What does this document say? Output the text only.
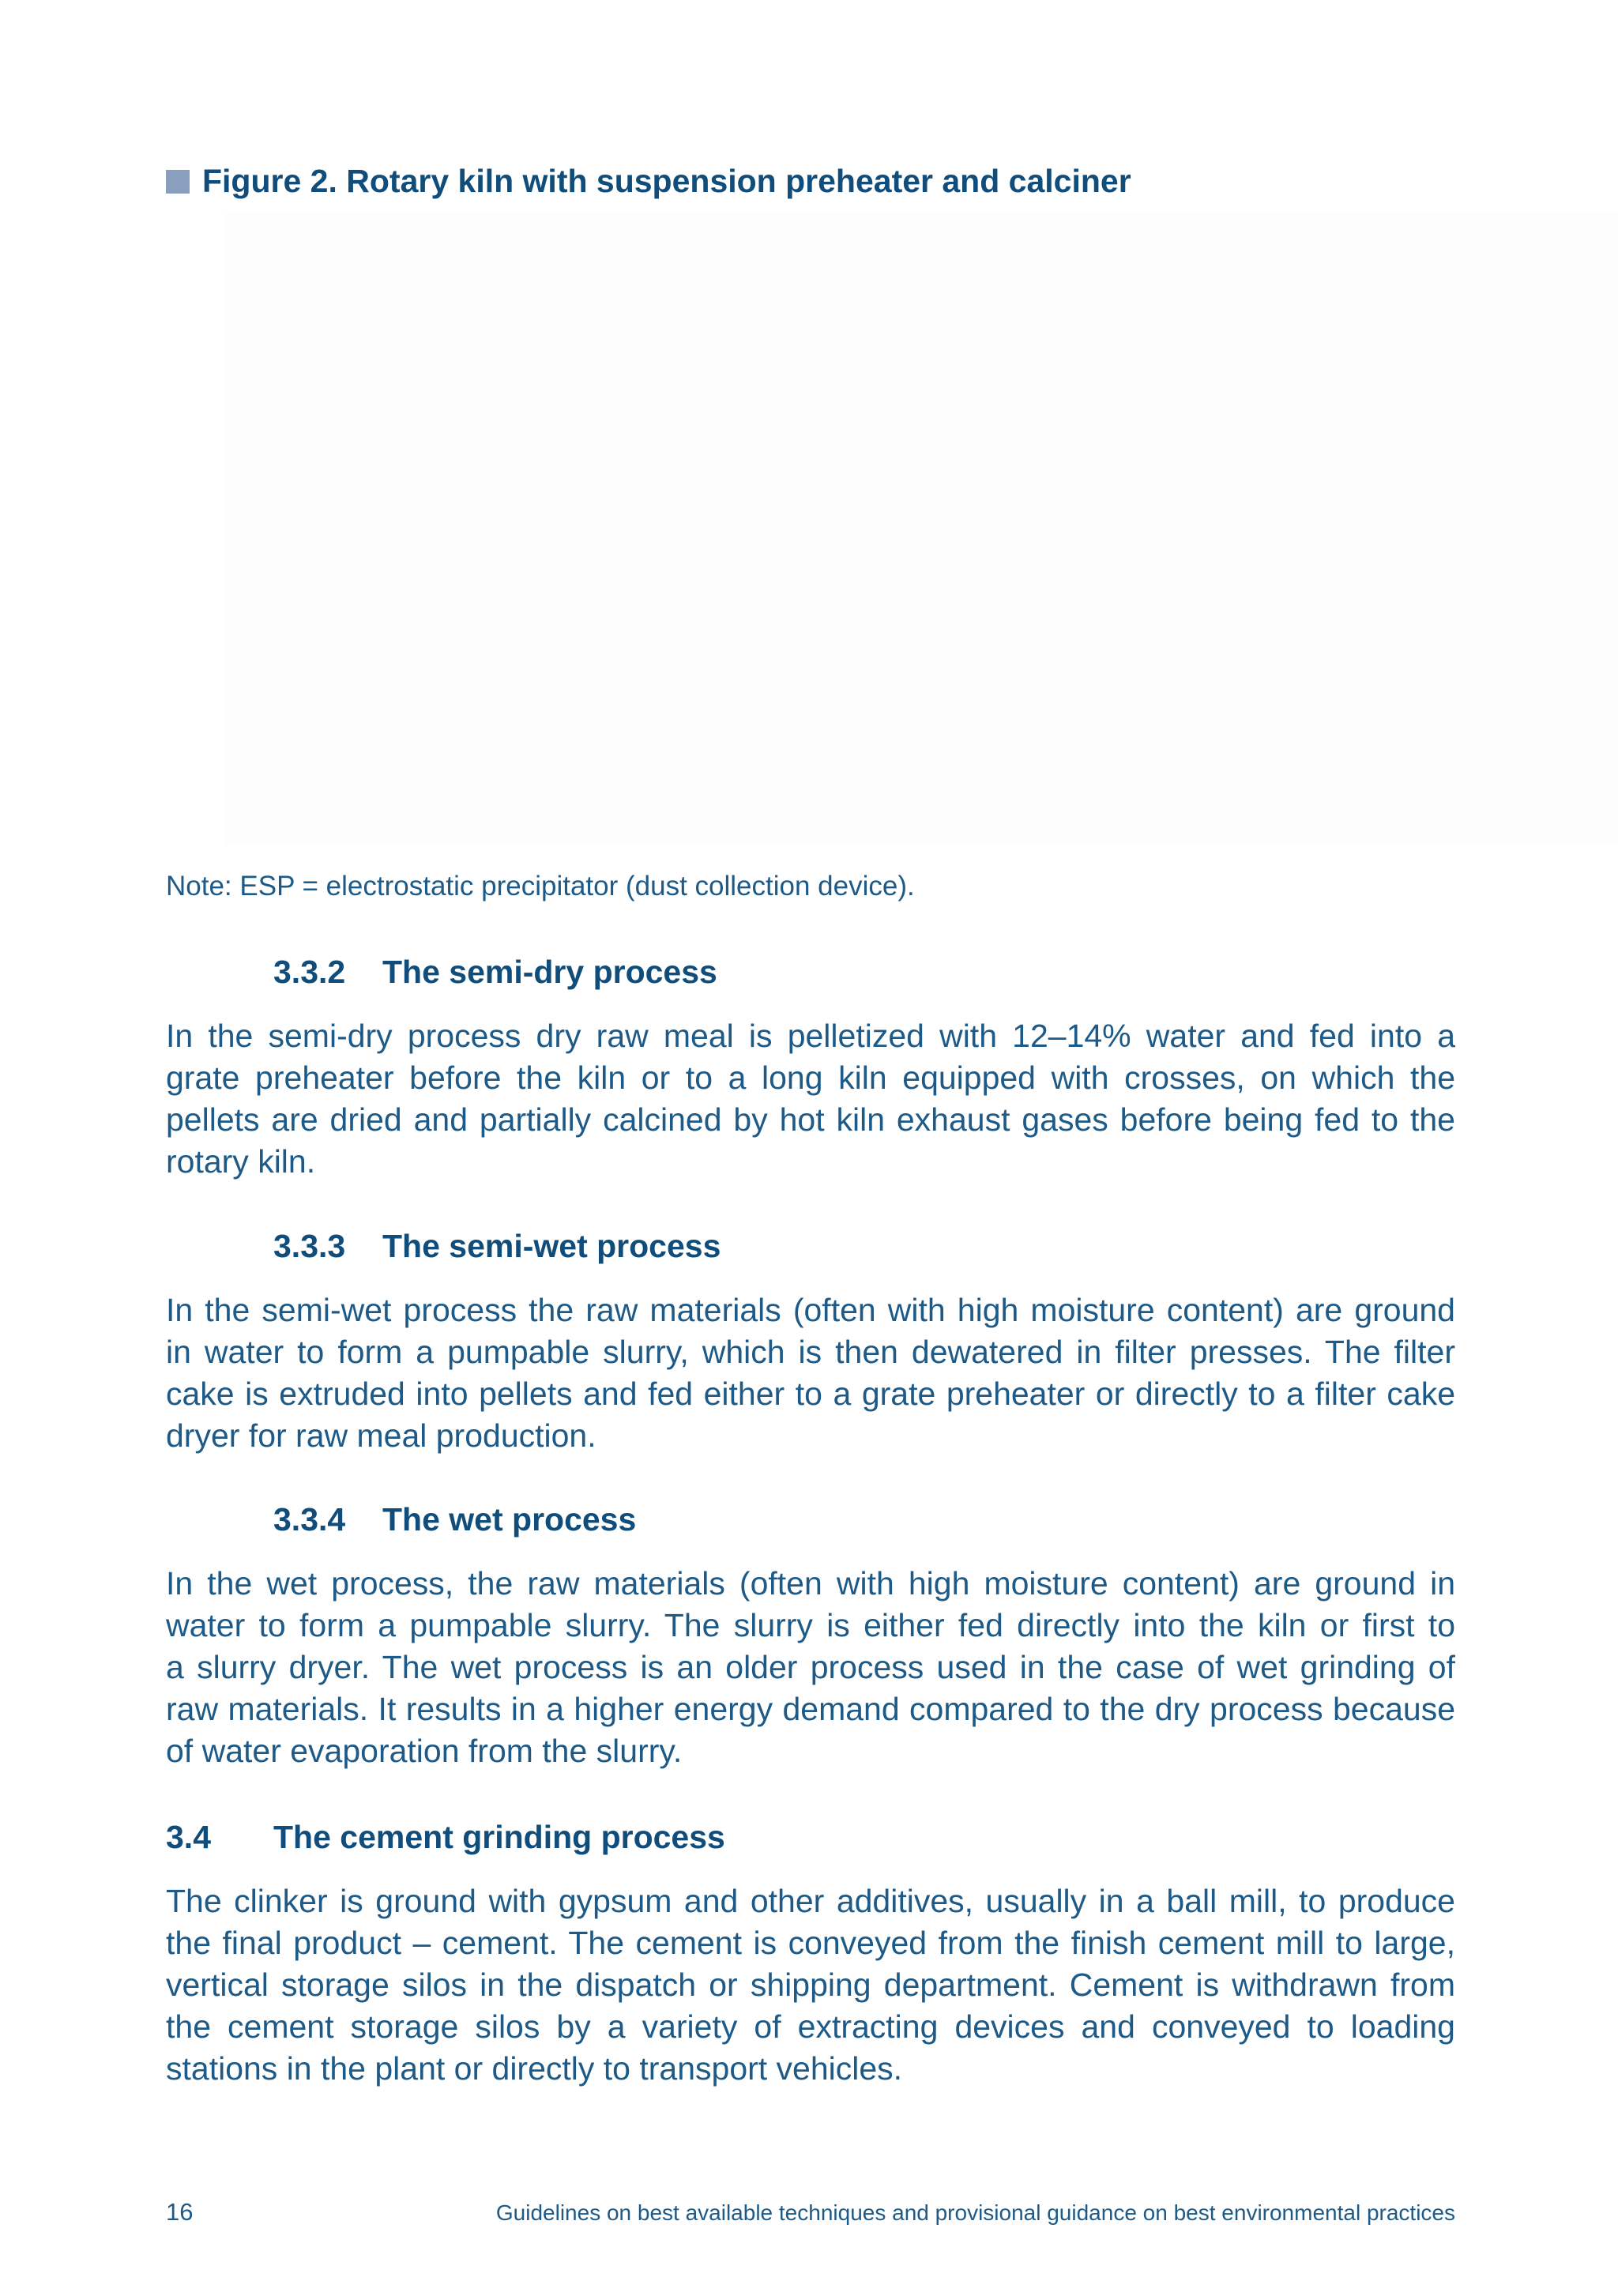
Figure 2. Rotary kiln with suspension preheater and calciner
Note: ESP = electrostatic precipitator (dust collection device).
3.3.2 The semi-dry process
In the semi-dry process dry raw meal is pelletized with 12–14% water and fed into a
grate preheater before the kiln or to a long kiln equipped with crosses, on which the
pellets are dried and partially calcined by hot kiln exhaust gases before being fed to the
rotary kiln.
3.3.3 The semi-wet process
In the semi-wet process the raw materials (often with high moisture content) are ground
in water to form a pumpable slurry, which is then dewatered in filter presses. The filter
cake is extruded into pellets and fed either to a grate preheater or directly to a filter cake
dryer for raw meal production.
3.3.4 The wet process
In the wet process, the raw materials (often with high moisture content) are ground in
water to form a pumpable slurry. The slurry is either fed directly into the kiln or first to
a slurry dryer. The wet process is an older process used in the case of wet grinding of
raw materials. It results in a higher energy demand compared to the dry process because
of water evaporation from the slurry.
3.4 The cement grinding process
The clinker is ground with gypsum and other additives, usually in a ball mill, to produce
the final product – cement. The cement is conveyed from the finish cement mill to large,
vertical storage silos in the dispatch or shipping department. Cement is withdrawn from
the cement storage silos by a variety of extracting devices and conveyed to loading
stations in the plant or directly to transport vehicles.
16	Guidelines on best available techniques and provisional guidance on best environmental practices
